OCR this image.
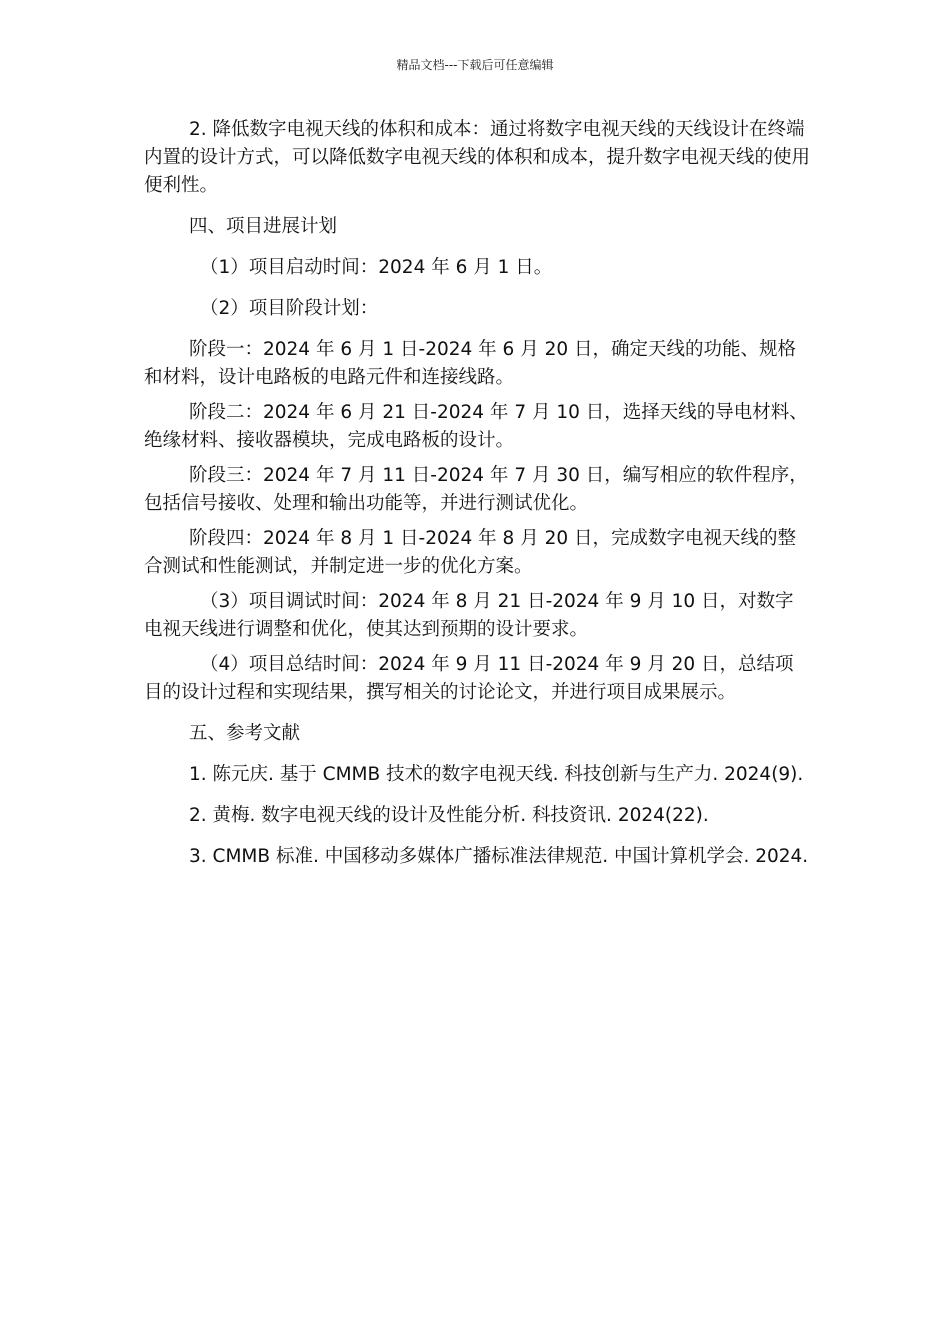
精品文档---下载后可任意编辑

2. 降低数字电视天线的体积和成本：通过将数字电视天线的天线设计在终端内置的设计方式，可以降低数字电视天线的体积和成本，提升数字电视天线的使用便利性。

四、项目进展计划

（1）项目启动时间：2024 年 6 月 1 日。

（2）项目阶段计划：

阶段一：2024 年 6 月 1 日-2024 年 6 月 20 日，确定天线的功能、规格和材料，设计电路板的电路元件和连接线路。

阶段二：2024 年 6 月 21 日-2024 年 7 月 10 日，选择天线的导电材料、绝缘材料、接收器模块，完成电路板的设计。

阶段三：2024 年 7 月 11 日-2024 年 7 月 30 日，编写相应的软件程序，包括信号接收、处理和输出功能等，并进行测试优化。

阶段四：2024 年 8 月 1 日-2024 年 8 月 20 日，完成数字电视天线的整合测试和性能测试，并制定进一步的优化方案。

（3）项目调试时间：2024 年 8 月 21 日-2024 年 9 月 10 日，对数字电视天线进行调整和优化，使其达到预期的设计要求。

（4）项目总结时间：2024 年 9 月 11 日-2024 年 9 月 20 日，总结项目的设计过程和实现结果，撰写相关的讨论论文，并进行项目成果展示。

五、参考文献

1. 陈元庆. 基于 CMMB 技术的数字电视天线. 科技创新与生产力. 2024(9).

2. 黄梅. 数字电视天线的设计及性能分析. 科技资讯. 2024(22).

3. CMMB 标准. 中国移动多媒体广播标准法律规范. 中国计算机学会. 2024.
